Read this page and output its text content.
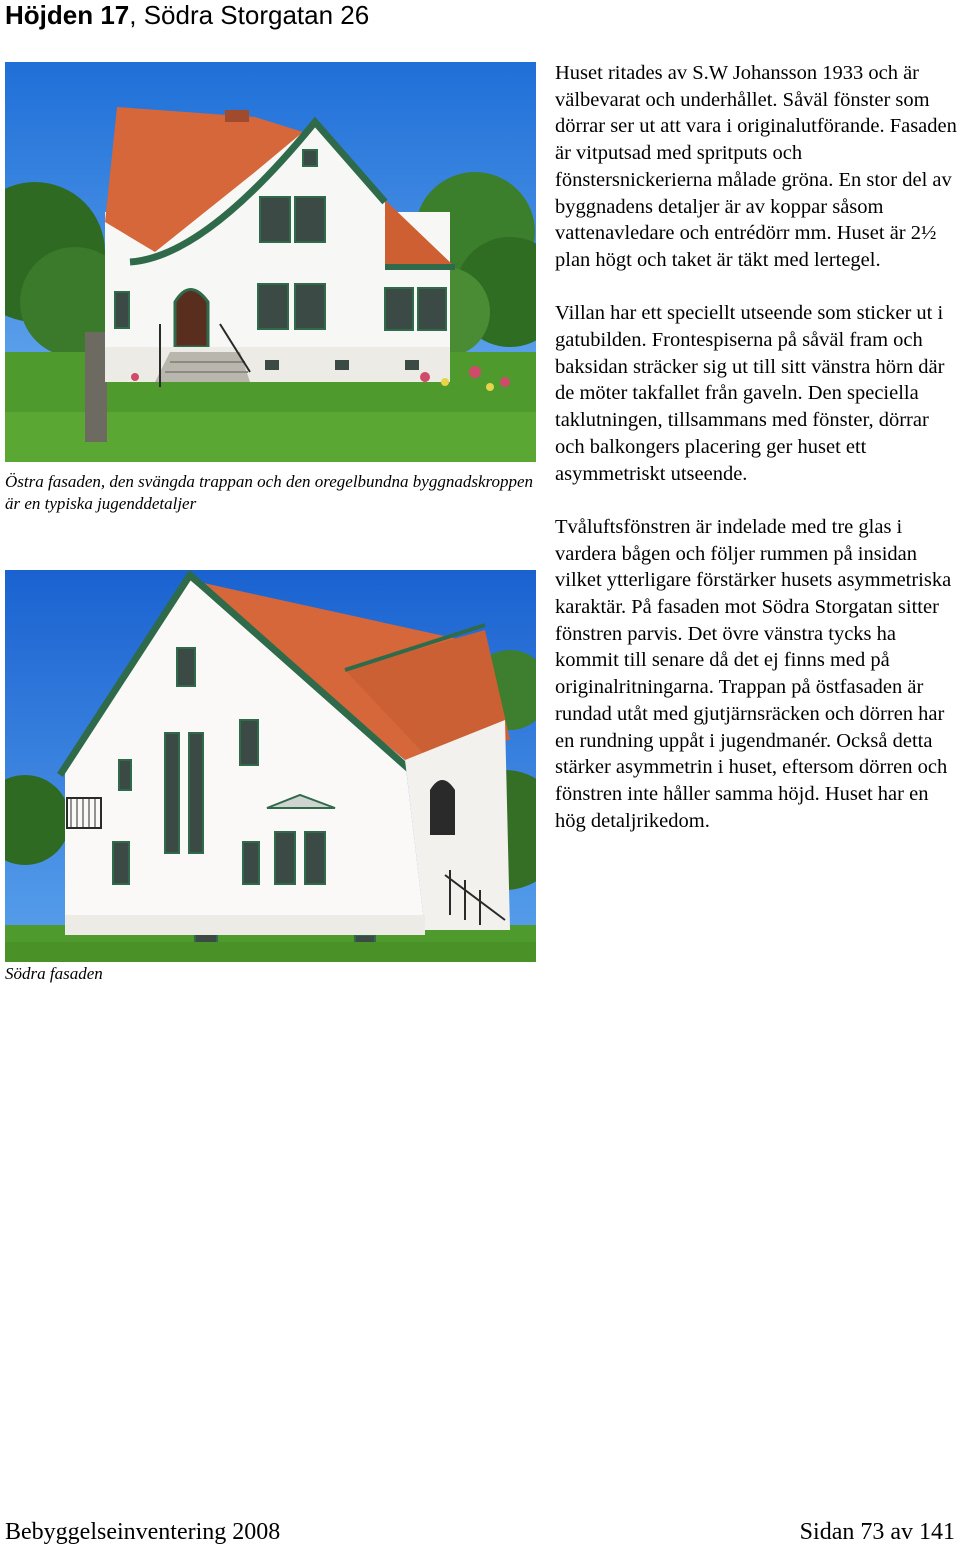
Höjden 17, Södra Storgatan 26
Östra fasaden, den svängda trappan och den oregelbundna byggnadskroppen är en typiska jugenddetaljer
Södra fasaden

Huset ritades av S.W Johansson 1933 och är välbevarat och underhållet. Såväl fönster som dörrar ser ut att vara i originalutförande. Fasaden är vitputsad med spritputs och fönstersnickerierna målade gröna. En stor del av byggnadens detaljer är av koppar såsom vattenavledare och entrédörr mm. Huset är 2½ plan högt och taket är täkt med lertegel.

Villan har ett speciellt utseende som sticker ut i gatubilden. Frontespiserna på såväl fram och baksidan sträcker sig ut till sitt vänstra hörn där de möter takfallet från gaveln. Den speciella taklutningen, tillsammans med fönster, dörrar och balkongers placering ger huset ett asymmetriskt utseende.

Tvåluftsfönstren är indelade med tre glas i vardera bågen och följer rummen på insidan vilket ytterligare förstärker husets asymmetriska karaktär. På fasaden mot Södra Storgatan sitter fönstren parvis. Det övre vänstra tycks ha kommit till senare då det ej finns med på originalritningarna. Trappan på östfasaden är rundad utåt med gjutjärnsräcken och dörren har en rundning uppåt i jugendmanér. Också detta stärker asymmetrin i huset, eftersom dörren och fönstren inte håller samma höjd. Huset har en hög detaljrikedom.

Bebyggelseinventering 2008	Sidan 73 av 141
